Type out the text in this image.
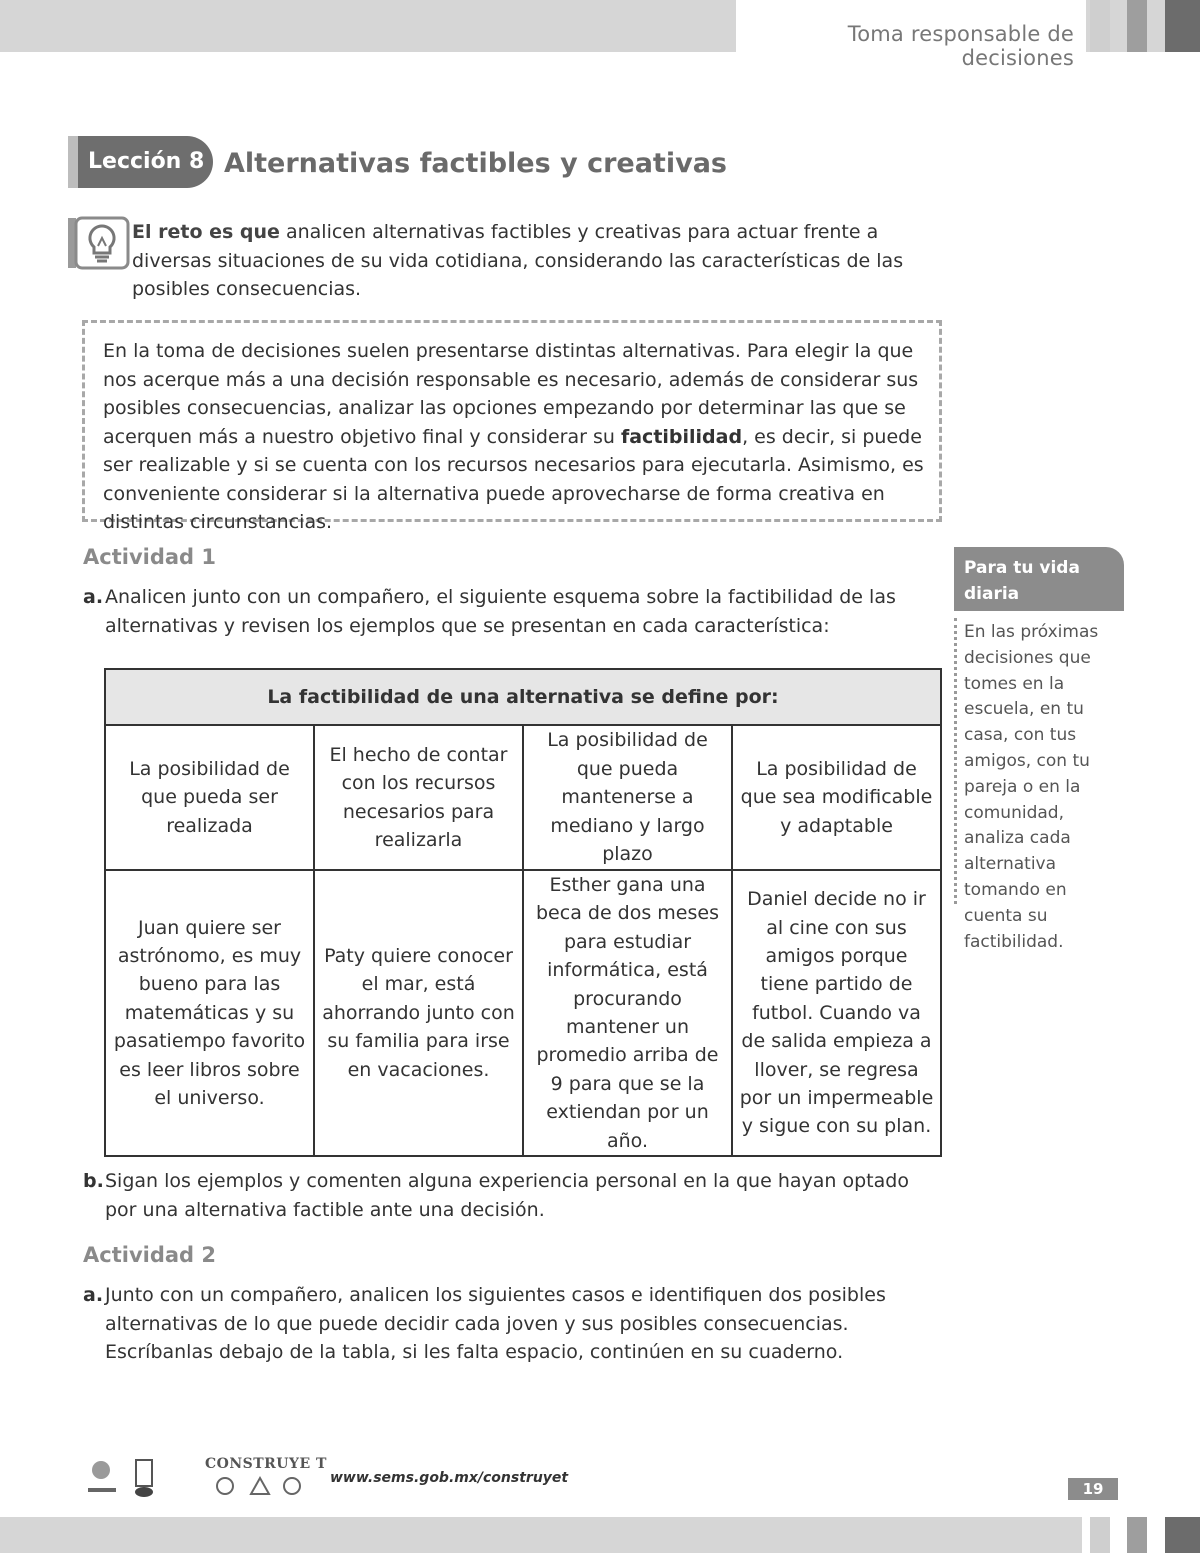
Toma responsable de decisiones
Lección 8 Alternativas factibles y creativas
El reto es que analicen alternativas factibles y creativas para actuar frente a diversas situaciones de su vida cotidiana, considerando las características de las posibles consecuencias.

En la toma de decisiones suelen presentarse distintas alternativas. Para elegir la que nos acerque más a una decisión responsable es necesario, además de considerar sus posibles consecuencias, analizar las opciones empezando por determinar las que se acerquen más a nuestro objetivo final y considerar su factibilidad, es decir, si puede ser realizable y si se cuenta con los recursos necesarios para ejecutarla. Asimismo, es conveniente considerar si la alternativa puede aprovecharse de forma creativa en distintas circunstancias.

Actividad 1
a. Analicen junto con un compañero, el siguiente esquema sobre la factibilidad de las alternativas y revisen los ejemplos que se presentan en cada característica:
La factibilidad de una alternativa se define por:			
La posibilidad de que pueda ser realizada	El hecho de contar con los recursos necesarios para realizarla	La posibilidad de que pueda mantenerse a mediano y largo plazo	La posibilidad de que sea modificable y adaptable
Juan quiere ser astrónomo, es muy bueno para las matemáticas y su pasatiempo favorito es leer libros sobre el universo.	Paty quiere conocer el mar, está ahorrando junto con su familia para irse en vacaciones.	Esther gana una beca de dos meses para estudiar informática, está procurando mantener un promedio arriba de 9 para que se la extiendan por un año.	Daniel decide no ir al cine con sus amigos porque tiene partido de futbol. Cuando va de salida empieza a llover, se regresa por un impermeable y sigue con su plan.
b. Sigan los ejemplos y comenten alguna experiencia personal en la que hayan optado por una alternativa factible ante una decisión.
Actividad 2
a. Junto con un compañero, analicen los siguientes casos e identifiquen dos posibles alternativas de lo que puede decidir cada joven y sus posibles consecuencias. Escríbanlas debajo de la tabla, si les falta espacio, continúen en su cuaderno.
Para tu vida diaria
En las próximas decisiones que tomes en la escuela, en tu casa, con tus amigos, con tu pareja o en la comunidad, analiza cada alternativa tomando en cuenta su factibilidad.
CONSTRUYE T
www.sems.gob.mx/construyet
19
